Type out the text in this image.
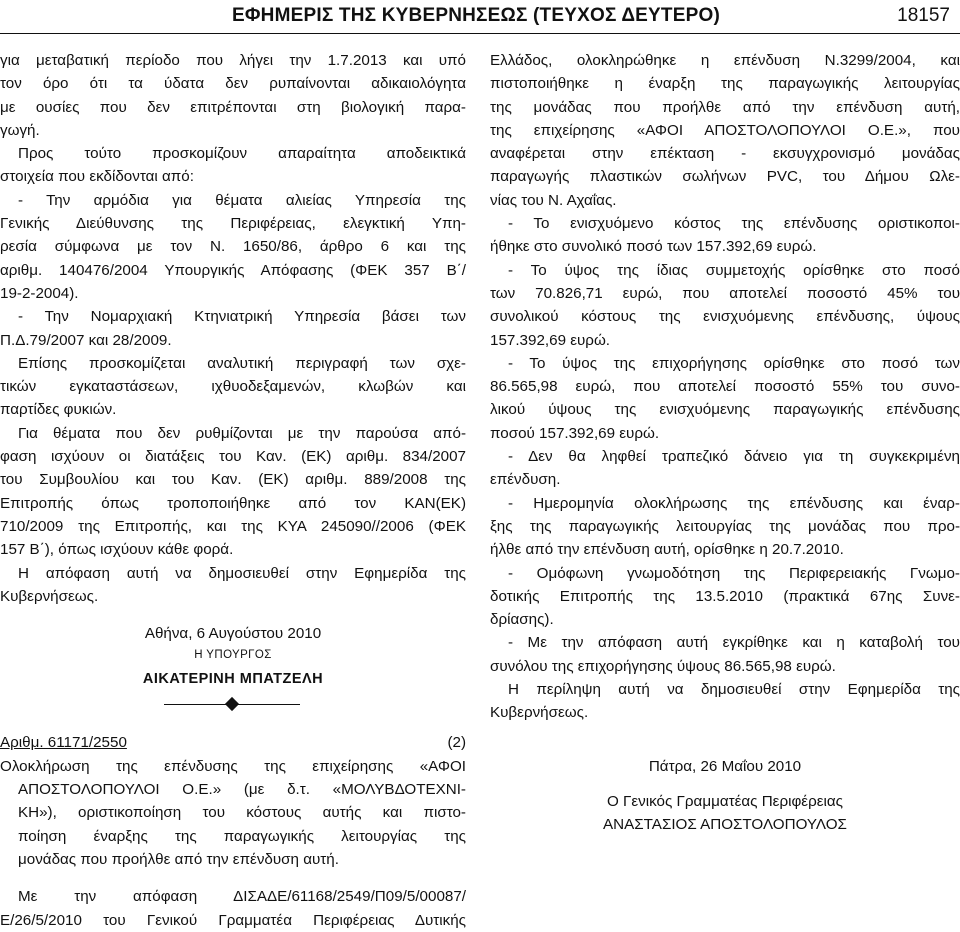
ΕΦΗΜΕΡΙΣ ΤΗΣ ΚΥΒΕΡΝΗΣΕΩΣ (ΤΕΥΧΟΣ ΔΕΥΤΕΡΟ)	18157
για μεταβατική περίοδο που λήγει την 1.7.2013 και υπό
τον όρο ότι τα ύδατα δεν ρυπαίνονται αδικαιολόγητα
με ουσίες που δεν επιτρέπονται στη βιολογική παρα-
γωγή.
Προς τούτο προσκομίζουν απαραίτητα αποδεικτικά
στοιχεία που εκδίδονται από:
- Την αρμόδια για θέματα αλιείας Υπηρεσία της
Γενικής Διεύθυνσης της Περιφέρειας, ελεγκτική Υπη-
ρεσία σύμφωνα με τον Ν. 1650/86, άρθρο 6 και της
αριθμ. 140476/2004 Υπουργικής Απόφασης (ΦΕΚ 357 Β΄/
19-2-2004).
- Την Νομαρχιακή Κτηνιατρική Υπηρεσία βάσει των
Π.Δ.79/2007 και 28/2009.
Επίσης προσκομίζεται αναλυτική περιγραφή των σχε-
τικών εγκαταστάσεων, ιχθυοδεξαμενών, κλωβών και
παρτίδες φυκιών.
Για θέματα που δεν ρυθμίζονται με την παρούσα από-
φαση ισχύουν οι διατάξεις του Καν. (ΕΚ) αριθμ. 834/2007
του Συμβουλίου και του Καν. (ΕΚ) αριθμ. 889/2008 της
Επιτροπής όπως τροποποιήθηκε από τον ΚΑΝ(ΕΚ)
710/2009 της Επιτροπής, και της ΚΥΑ 245090//2006 (ΦΕΚ
157 Β΄), όπως ισχύουν κάθε φορά.
Η απόφαση αυτή να δημοσιευθεί στην Εφημερίδα της
Κυβερνήσεως.
Αθήνα, 6 Αυγούστου 2010
Η ΥΠΟΥΡΓΟΣ
ΑΙΚΑΤΕΡΙΝΗ ΜΠΑΤΖΕΛΗ
Αριθμ. 61171/2550	(2)
Ολοκλήρωση της επένδυσης της επιχείρησης «ΑΦΟΙ
ΑΠΟΣΤΟΛΟΠΟΥΛΟΙ Ο.Ε.» (με δ.τ. «ΜΟΛΥΒΔΟΤΕΧΝΙ-
ΚΗ»), οριστικοποίηση του κόστους αυτής και πιστο-
ποίηση έναρξης της παραγωγικής λειτουργίας της
μονάδας που προήλθε από την επένδυση αυτή.
Με την απόφαση ΔΙΣΑΔΕ/61168/2549/Π09/5/00087/
Ε/26/5/2010 του Γενικού Γραμματέα Περιφέρειας Δυτικής
Ελλάδος, ολοκληρώθηκε η επένδυση Ν.3299/2004, και
πιστοποιήθηκε η έναρξη της παραγωγικής λειτουργίας
της μονάδας που προήλθε από την επένδυση αυτή,
της επιχείρησης «ΑΦΟΙ ΑΠΟΣΤΟΛΟΠΟΥΛΟΙ Ο.Ε.», που
αναφέρεται στην επέκταση - εκσυγχρονισμό μονάδας
παραγωγής πλαστικών σωλήνων PVC, του Δήμου Ωλε-
νίας του Ν. Αχαΐας.
- Το ενισχυόμενο κόστος της επένδυσης οριστικοποι-
ήθηκε στο συνολικό ποσό των 157.392,69 ευρώ.
- Το ύψος της ίδιας συμμετοχής ορίσθηκε στο ποσό
των 70.826,71 ευρώ, που αποτελεί ποσοστό 45% του
συνολικού κόστους της ενισχυόμενης επένδυσης, ύψους
157.392,69 ευρώ.
- Το ύψος της επιχορήγησης ορίσθηκε στο ποσό των
86.565,98 ευρώ, που αποτελεί ποσοστό 55% του συνο-
λικού ύψους της ενισχυόμενης παραγωγικής επένδυσης
ποσού 157.392,69 ευρώ.
- Δεν θα ληφθεί τραπεζικό δάνειο για τη συγκεκριμένη
επένδυση.
- Ημερομηνία ολοκλήρωσης της επένδυσης και έναρ-
ξης της παραγωγικής λειτουργίας της μονάδας που προ-
ήλθε από την επένδυση αυτή, ορίσθηκε η 20.7.2010.
- Ομόφωνη γνωμοδότηση της Περιφερειακής Γνωμο-
δοτικής Επιτροπής της 13.5.2010 (πρακτικά 67ης Συνε-
δρίασης).
- Με την απόφαση αυτή εγκρίθηκε και η καταβολή του
συνόλου της επιχορήγησης ύψους 86.565,98 ευρώ.
Η περίληψη αυτή να δημοσιευθεί στην Εφημερίδα της
Κυβερνήσεως.
Πάτρα, 26 Μαΐου 2010
Ο Γενικός Γραμματέας Περιφέρειας
ΑΝΑΣΤΑΣΙΟΣ ΑΠΟΣΤΟΛΟΠΟΥΛΟΣ
